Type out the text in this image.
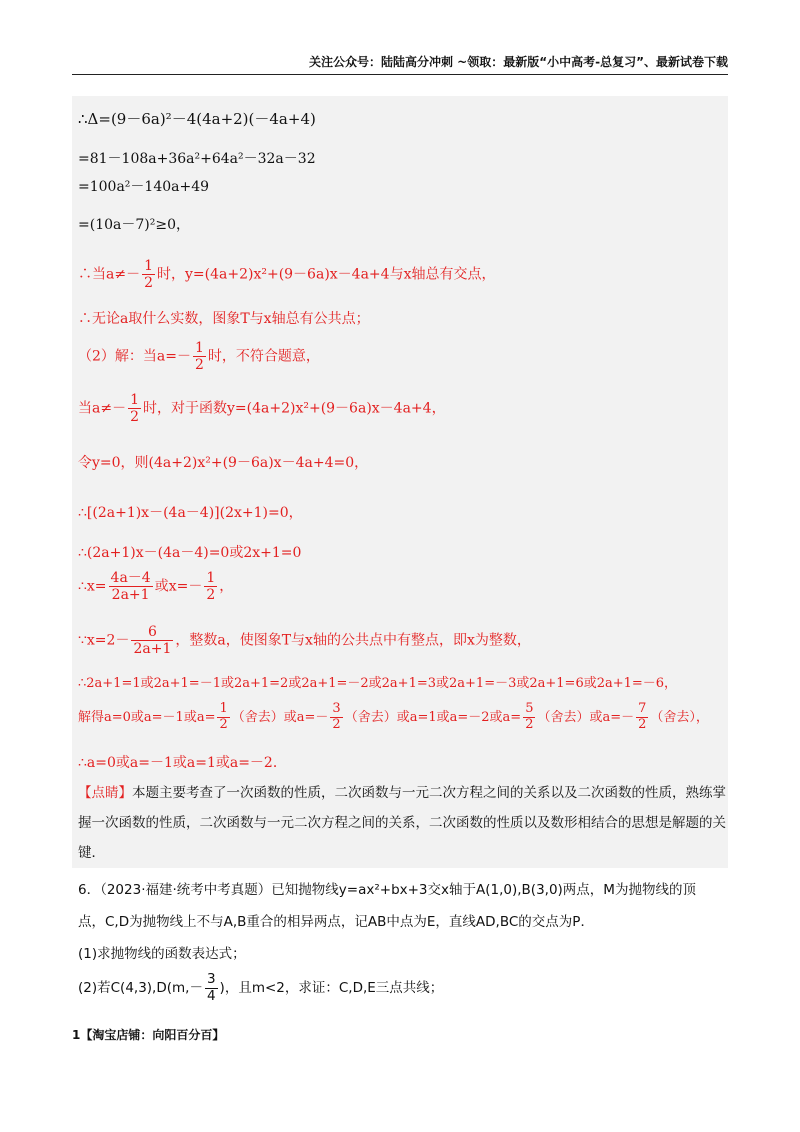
关注公众号：陆陆高分冲刺 ~领取：最新版“小中高考-总复习”、最新试卷下载
∴Δ=(9－6a)²－4(4a+2)(－4a+4)
=81－108a+36a²+64a²－32a－32
=100a²－140a+49
=(10a－7)²≥0，
∴当$a\ne- \frac{1}{2}$ 时，y=(4a+2)x²+(9－6a)x－4a+4与x轴总有交点，
∴无论a取什么实数，图象T与x轴总有公共点；
（2）解：当$a=- \frac{1}{2}$ 时，不符合题意，
当$a\ne- \frac{1}{2}$ 时，对于函数y=(4a+2)x²+(9－6a)x－4a+4，
令y=0，则(4a+2)x²+(9－6a)x－4a+4=0，
∴[(2a+1)x－(4a－4)](2x+1)=0，
∴(2a+1)x－(4a－4)=0或2x+1=0
∴x= $\frac{4a-4}{2a+1}$ 或$x=- \frac{1}{2}$ ，
∵x=2－ $\frac{6}{2a+1}$ ，整数a，使图象T与x轴的公共点中有整点，即x为整数，
∴2a+1=1或2a+1=－1或2a+1=2或2a+1=－2或2a+1=3或2a+1=－3或2a+1=6或2a+1=－6，
解得a=0或a=－1或$a= \frac{1}{2}$ （舍去）或$a=- \frac{3}{2}$ （舍去）或a=1或a=－2或$a= \frac{5}{2}$ （舍去）或$a=- \frac{7}{2}$ （舍去），
∴a=0或a=－1或a=1或a=－2．
【点睛】本题主要考查了一次函数的性质，二次函数与一元二次方程之间的关系以及二次函数的性质，熟练掌握一次函数的性质，二次函数与一元二次方程之间的关系，二次函数的性质以及数形相结合的思想是解题的关键．
6．（2023·福建·统考中考真题）已知抛物线y=ax²+bx+3交x轴于A(1,0),B(3,0)两点，M为抛物线的顶
点，C,D为抛物线上不与A,B重合的相异两点，记AB中点为E，直线AD,BC的交点为P．
(1)求抛物线的函数表达式；
(2)若$C(4,3),D(m,- \frac{3}{4}$ )，且m<2，求证：C,D,E三点共线；
1【淘宝店铺：向阳百分百】
